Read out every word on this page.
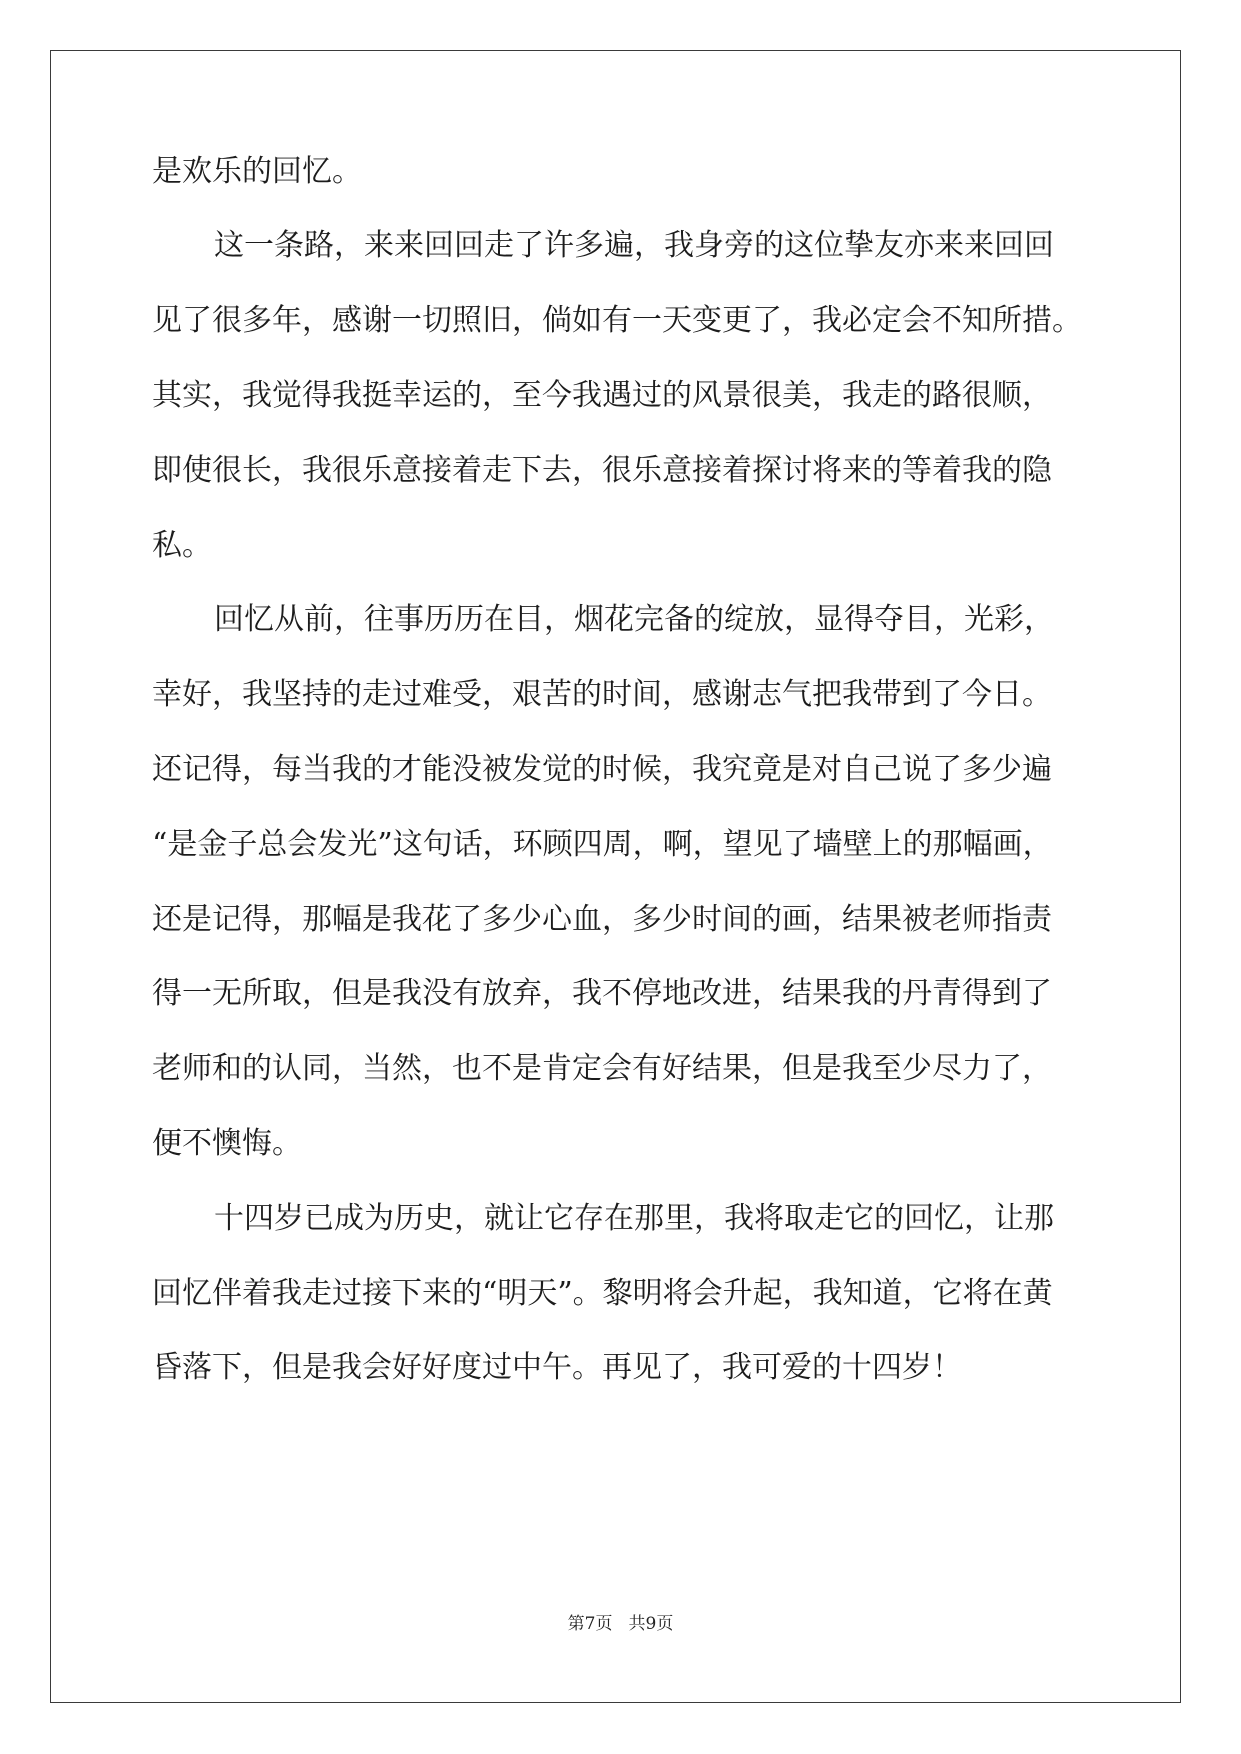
是欢乐的回忆。
这一条路，来来回回走了许多遍，我身旁的这位挚友亦来来回回
见了很多年，感谢一切照旧，倘如有一天变更了，我必定会不知所措。
其实，我觉得我挺幸运的，至今我遇过的风景很美，我走的路很顺，
即使很长，我很乐意接着走下去，很乐意接着探讨将来的等着我的隐
私。
回忆从前，往事历历在目，烟花完备的绽放，显得夺目，光彩，
幸好，我坚持的走过难受，艰苦的时间，感谢志气把我带到了今日。
还记得，每当我的才能没被发觉的时候，我究竟是对自己说了多少遍
“是金子总会发光”这句话，环顾四周，啊，望见了墙壁上的那幅画，
还是记得，那幅是我花了多少心血，多少时间的画，结果被老师指责
得一无所取，但是我没有放弃，我不停地改进，结果我的丹青得到了
老师和的认同，当然，也不是肯定会有好结果，但是我至少尽力了，
便不懊悔。
十四岁已成为历史，就让它存在那里，我将取走它的回忆，让那
回忆伴着我走过接下来的“明天”。黎明将会升起，我知道，它将在黄
昏落下，但是我会好好度过中午。再见了，我可爱的十四岁！
第7页 共9页
